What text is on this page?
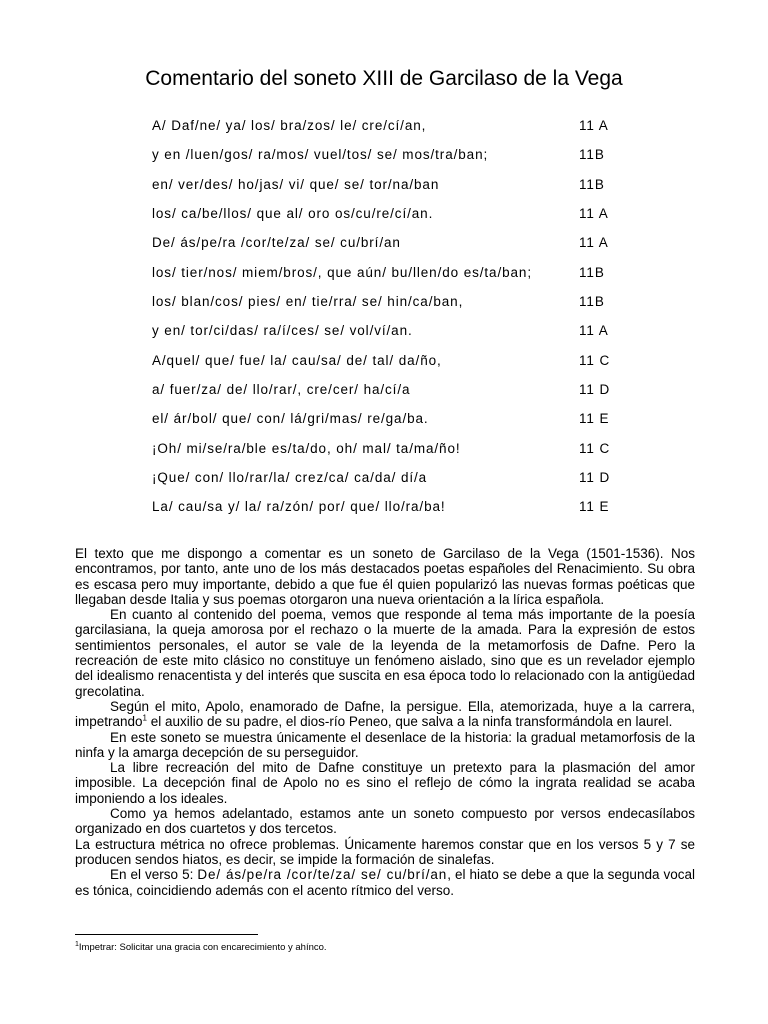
Comentario del soneto XIII de Garcilaso de la Vega
A/ Daf/ne/ ya/ los/ bra/zos/ le/ cre/cí/an,	11 A
y en /luen/gos/ ra/mos/ vuel/tos/ se/ mos/tra/ban;	11B
en/ ver/des/ ho/jas/ vi/ que/ se/ tor/na/ban	11B
los/ ca/be/llos/ que al/ oro os/cu/re/cí/an.	11 A
De/ ás/pe/ra /cor/te/za/ se/ cu/brí/an	11 A
los/ tier/nos/ miem/bros/, que aún/ bu/llen/do es/ta/ban;	11B
los/ blan/cos/ pies/ en/ tie/rra/ se/ hin/ca/ban,	11B
y en/ tor/ci/das/ ra/í/ces/ se/ vol/ví/an.	11 A
A/quel/ que/ fue/ la/ cau/sa/ de/ tal/ da/ño,	11 C
a/ fuer/za/ de/ llo/rar/, cre/cer/ ha/cí/a	11 D
el/ ár/bol/ que/ con/ lá/gri/mas/ re/ga/ba.	11 E
¡Oh/ mi/se/ra/ble es/ta/do, oh/ mal/ ta/ma/ño!	11 C
¡Que/ con/ llo/rar/la/ crez/ca/ ca/da/ dí/a	11 D
La/ cau/sa y/ la/ ra/zón/ por/ que/ llo/ra/ba!	11 E

El texto que me dispongo a comentar es un soneto de Garcilaso de la Vega (1501-1536). Nos encontramos, por tanto, ante uno de los más destacados poetas españoles del Renacimiento. Su obra es escasa pero muy importante, debido a que fue él quien popularizó las nuevas formas poéticas que llegaban desde Italia y sus poemas otorgaron una nueva orientación a la lírica española.

En cuanto al contenido del poema, vemos que responde al tema más importante de la poesía garcilasiana, la queja amorosa por el rechazo o la muerte de la amada. Para la expresión de estos sentimientos personales, el autor se vale de la leyenda de la metamorfosis de Dafne. Pero la recreación de este mito clásico no constituye un fenómeno aislado, sino que es un revelador ejemplo del idealismo renacentista y del interés que suscita en esa época todo lo relacionado con la antigüedad grecolatina.

Según el mito, Apolo, enamorado de Dafne, la persigue. Ella, atemorizada, huye a la carrera, impetrando$^1$ el auxilio de su padre, el dios-río Peneo, que salva a la ninfa transformándola en laurel.

En este soneto se muestra únicamente el desenlace de la historia: la gradual metamorfosis de la ninfa y la amarga decepción de su perseguidor.

La libre recreación del mito de Dafne constituye un pretexto para la plasmación del amor imposible. La decepción final de Apolo no es sino el reflejo de cómo la ingrata realidad se acaba imponiendo a los ideales.

Como ya hemos adelantado, estamos ante un soneto compuesto por versos endecasílabos organizado en dos cuartetos y dos tercetos.

La estructura métrica no ofrece problemas. Únicamente haremos constar que en los versos 5 y 7 se producen sendos hiatos, es decir, se impide la formación de sinalefas.

En el verso 5: De/ ás/pe/ra /cor/te/za/ se/ cu/brí/an, el hiato se debe a que la segunda vocal es tónica, coincidiendo además con el acento rítmico del verso.

$^1$Impetrar: Solicitar una gracia con encarecimiento y ahínco.
